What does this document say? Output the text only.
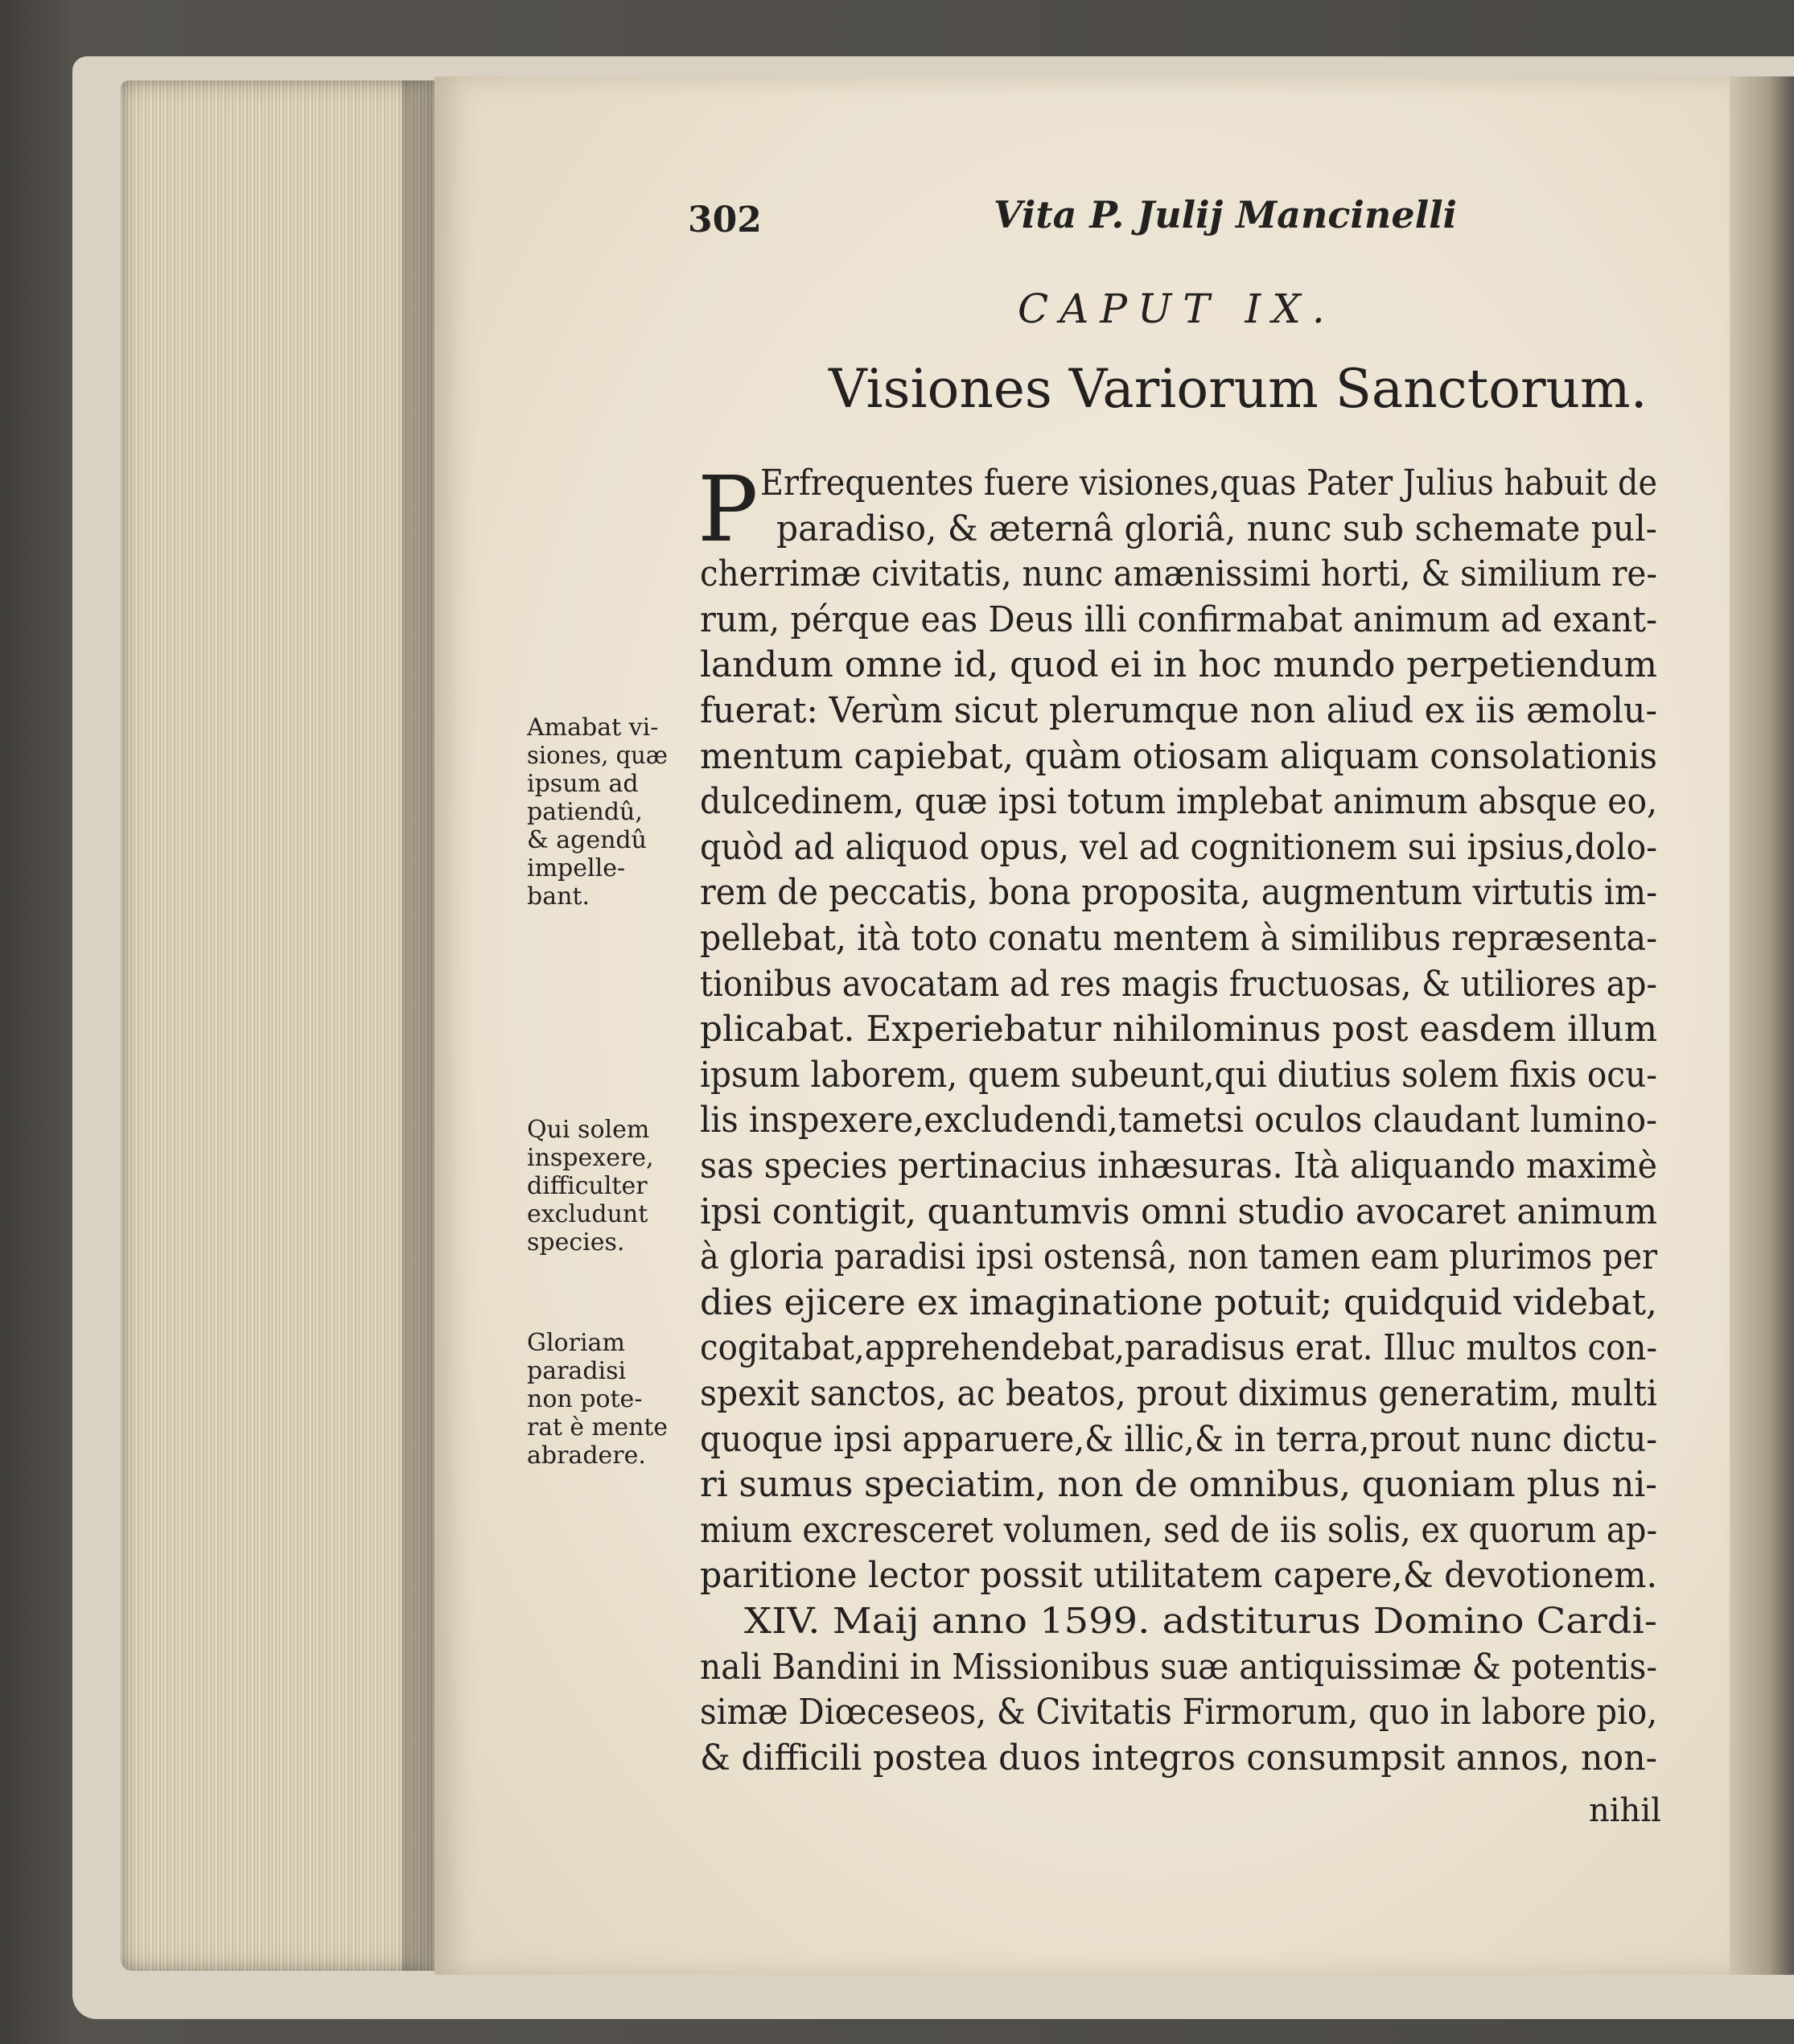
302	Vita P. Julij Mancinelli
CAPUT IX.
Visiones Variorum Sanctorum.
P Erfrequentes fuere visiones,quas Pater Julius habuit de
paradiso, & æternâ gloriâ, nunc sub schemate pul-
cherrimæ civitatis, nunc amænissimi horti, & similium re-
rum, pérque eas Deus illi confirmabat animum ad exant-
landum omne id, quod ei in hoc mundo perpetiendum
fuerat: Verùm sicut plerumque non aliud ex iis æmolu-
mentum capiebat, quàm otiosam aliquam consolationis
dulcedinem, quæ ipsi totum implebat animum absque eo,
quòd ad aliquod opus, vel ad cognitionem sui ipsius,dolo-
rem de peccatis, bona proposita, augmentum virtutis im-
pellebat, ità toto conatu mentem à similibus repræsenta-
tionibus avocatam ad res magis fructuosas, & utiliores ap-
plicabat. Experiebatur nihilominus post easdem illum
ipsum laborem, quem subeunt,qui diutius solem fixis ocu-
lis inspexere,excludendi,tametsi oculos claudant lumino-
sas species pertinacius inhæsuras. Ità aliquando maximè
ipsi contigit, quantumvis omni studio avocaret animum
à gloria paradisi ipsi ostensâ, non tamen eam plurimos per
dies ejicere ex imaginatione potuit; quidquid videbat,
cogitabat,apprehendebat,paradisus erat. Illuc multos con-
spexit sanctos, ac beatos, prout diximus generatim, multi
quoque ipsi apparuere,& illic,& in terra,prout nunc dictu-
ri sumus speciatim, non de omnibus, quoniam plus ni-
mium excresceret volumen, sed de iis solis, ex quorum ap-
paritione lector possit utilitatem capere,& devotionem.
XIV. Maij anno 1599. adstiturus Domino Cardi-
nali Bandini in Missionibus suæ antiquissimæ & potentis-
simæ Diœceseos, & Civitatis Firmorum, quo in labore pio,
& difficili postea duos integros consumpsit annos, non-
nihil
Amabat vi-
siones, quæ
ipsum ad
patiendû,
& agendû
impelle-
bant.
Qui solem
inspexere,
difficulter
excludunt
species.
Gloriam
paradisi
non pote-
rat è mente
abradere.
